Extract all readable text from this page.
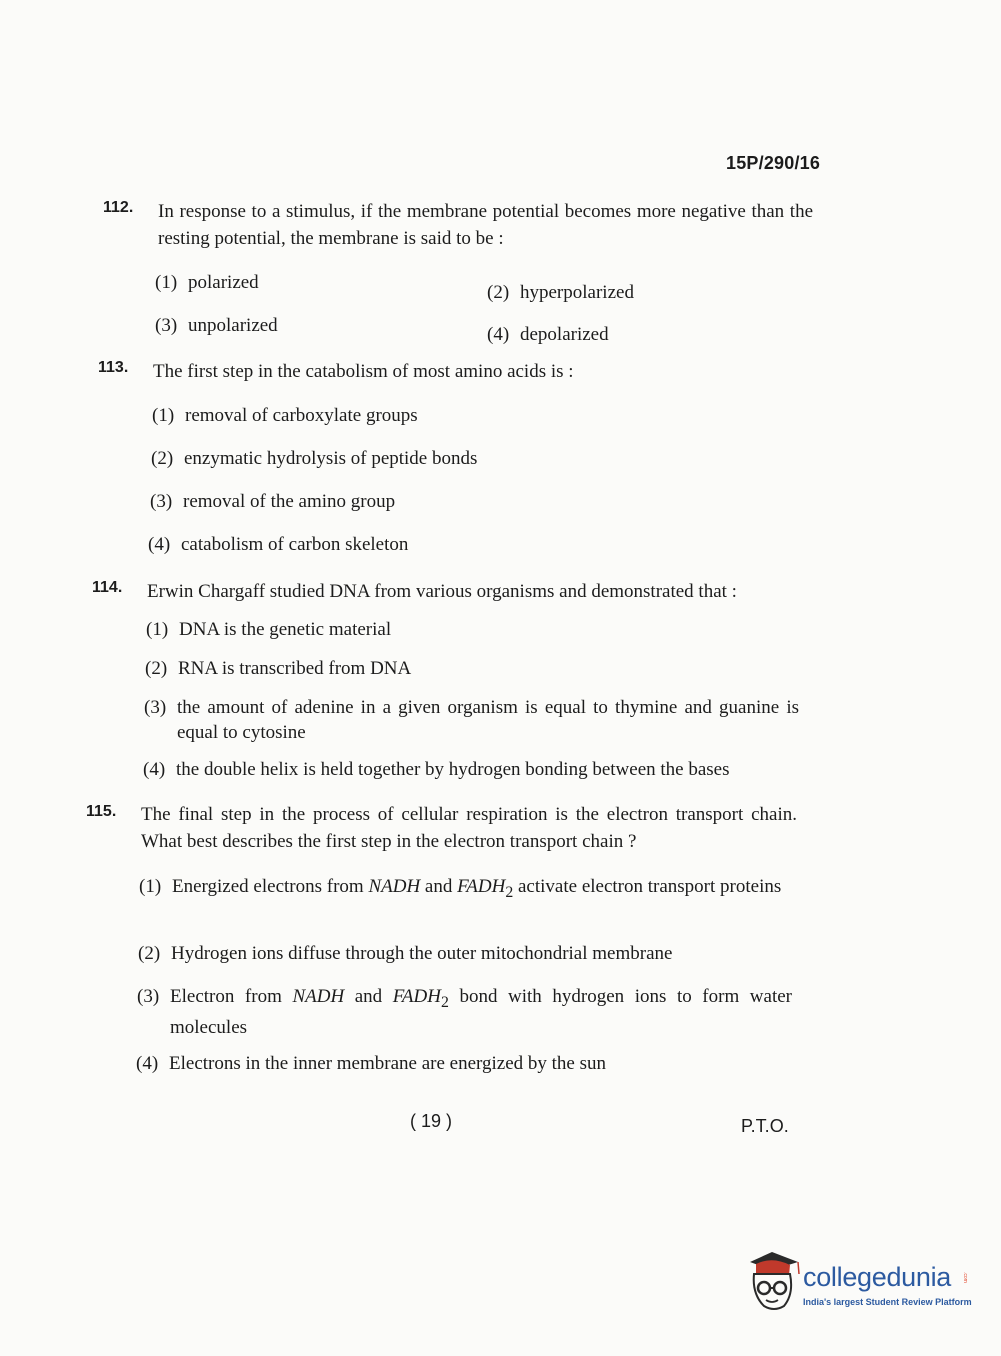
15P/290/16
112. In response to a stimulus, if the membrane potential becomes more negative than the resting potential, the membrane is said to be :
(1) polarized	(2) hyperpolarized
(3) unpolarized	(4) depolarized
113. The first step in the catabolism of most amino acids is :
(1) removal of carboxylate groups
(2) enzymatic hydrolysis of peptide bonds
(3) removal of the amino group
(4) catabolism of carbon skeleton
114. Erwin Chargaff studied DNA from various organisms and demonstrated that :
(1) DNA is the genetic material
(2) RNA is transcribed from DNA
(3) the amount of adenine in a given organism is equal to thymine and guanine is equal to cytosine
(4) the double helix is held together by hydrogen bonding between the bases
115. The final step in the process of cellular respiration is the electron transport chain. What best describes the first step in the electron transport chain ?
(1) Energized electrons from NADH and $FADH_2$ activate electron transport proteins
(2) Hydrogen ions diffuse through the outer mitochondrial membrane
(3) Electron from NADH and $FADH_2$ bond with hydrogen ions to form water molecules
(4) Electrons in the inner membrane are energized by the sun
( 19 )	P.T.O.
collegedunia .com
India's largest Student Review Platform
